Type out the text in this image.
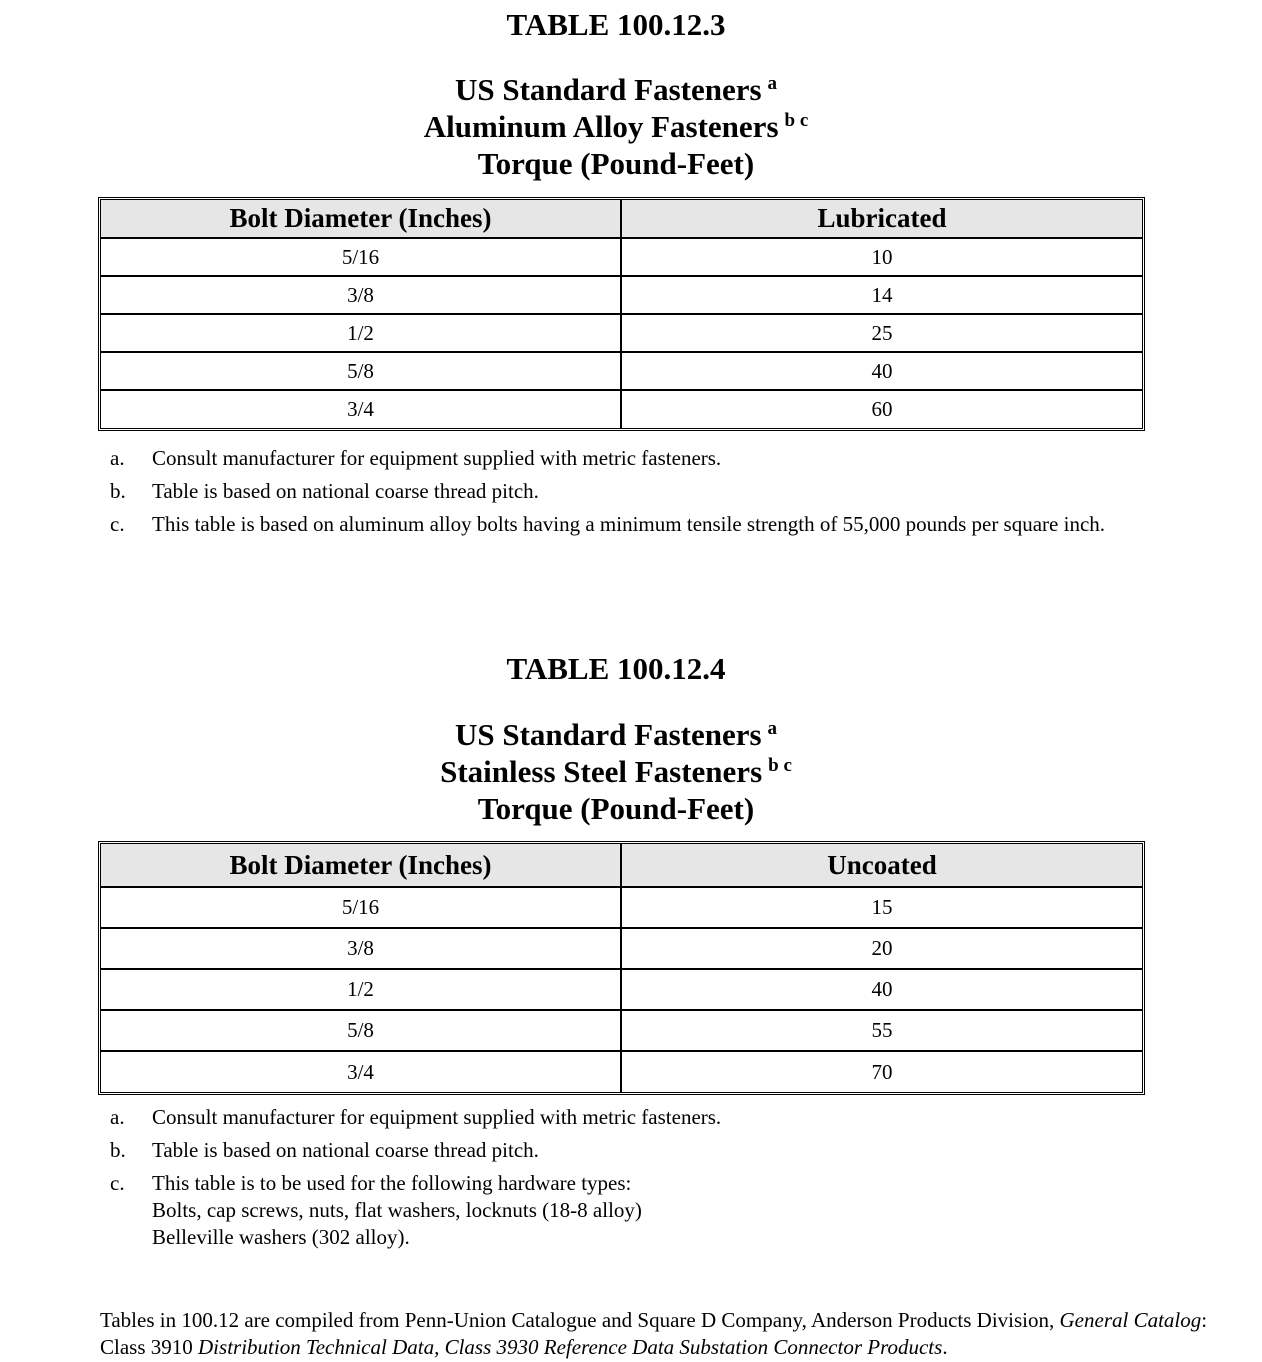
TABLE 100.12.3
US Standard Fasteners $^a$
Aluminum Alloy Fasteners $^{b c}$
Torque (Pound-Feet)
Bolt Diameter (Inches)	Lubricated
5/16	10
3/8	14
1/2	25
5/8	40
3/4	60
a. Consult manufacturer for equipment supplied with metric fasteners.
b. Table is based on national coarse thread pitch.
c. This table is based on aluminum alloy bolts having a minimum tensile strength of 55,000 pounds per square inch.
TABLE 100.12.4
US Standard Fasteners $^a$
Stainless Steel Fasteners $^{b c}$
Torque (Pound-Feet)
Bolt Diameter (Inches)	Uncoated
5/16	15
3/8	20
1/2	40
5/8	55
3/4	70
a. Consult manufacturer for equipment supplied with metric fasteners.
b. Table is based on national coarse thread pitch.
c. This table is to be used for the following hardware types:
Bolts, cap screws, nuts, flat washers, locknuts (18-8 alloy)
Belleville washers (302 alloy).
Tables in 100.12 are compiled from Penn-Union Catalogue and Square D Company, Anderson Products Division, General Catalog: Class 3910 Distribution Technical Data, Class 3930 Reference Data Substation Connector Products.
